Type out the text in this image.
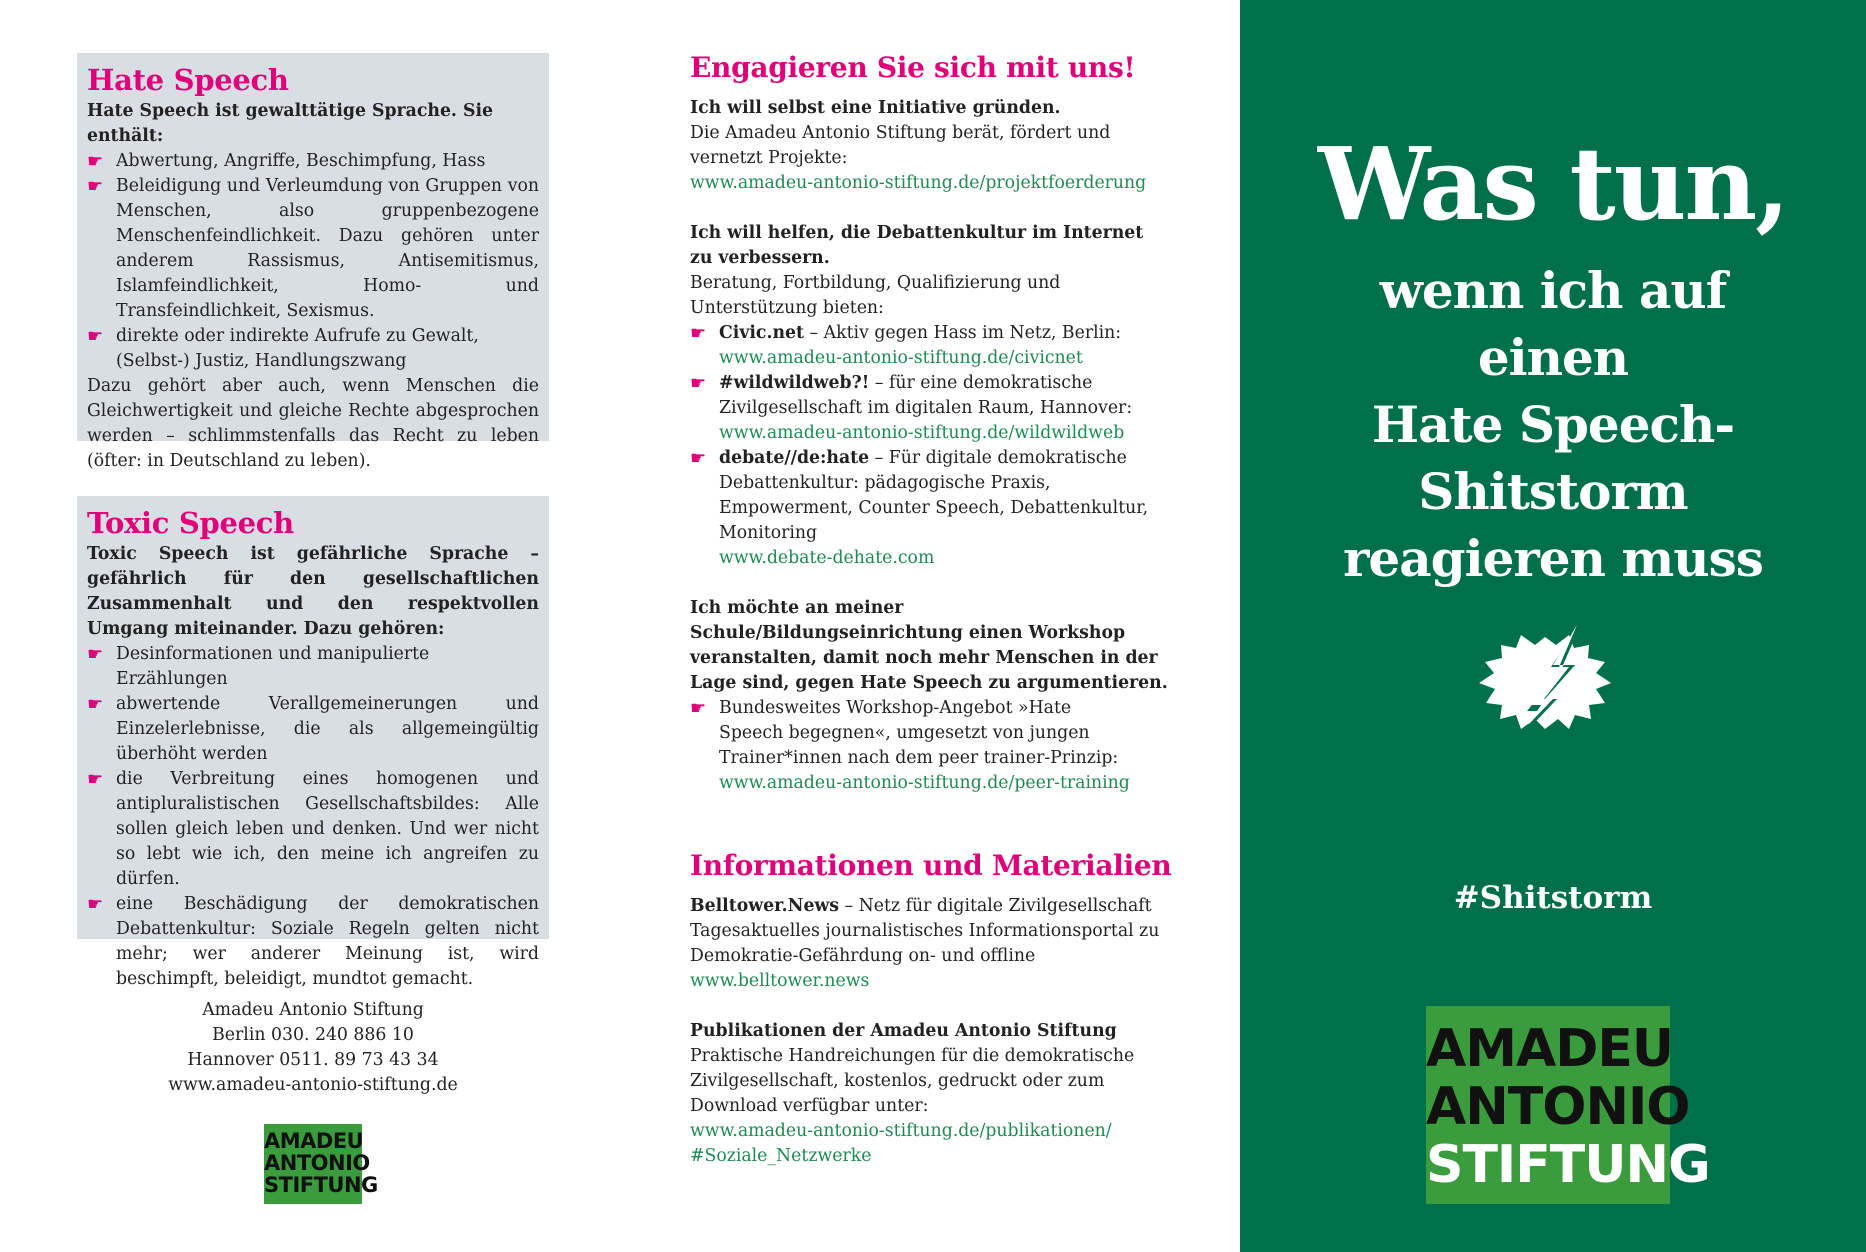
Hate Speech
Hate Speech ist gewalttätige Sprache. Sie enthält:
☛ Abwertung, Angriffe, Beschimpfung, Hass
☛ Beleidigung und Verleumdung von Gruppen von Menschen, also gruppenbezogene Menschenfeindlichkeit. Dazu gehören unter anderem Rassismus, Antisemitismus, Islamfeindlichkeit, Homo- und Transfeindlichkeit, Sexismus.
☛ direkte oder indirekte Aufrufe zu Gewalt, (Selbst-) Justiz, Handlungszwang
Dazu gehört aber auch, wenn Menschen die Gleichwertigkeit und gleiche Rechte abgesprochen werden – schlimmstenfalls das Recht zu leben (öfter: in Deutschland zu leben).
Toxic Speech
Toxic Speech ist gefährliche Sprache – gefährlich für den gesellschaftlichen Zusammenhalt und den respektvollen Umgang miteinander. Dazu gehören:
☛ Desinformationen und manipulierte Erzählungen
☛ abwertende Verallgemeinerungen und Einzelerlebnisse, die als allgemeingültig überhöht werden
☛ die Verbreitung eines homogenen und antipluralistischen Gesellschaftsbildes: Alle sollen gleich leben und denken. Und wer nicht so lebt wie ich, den meine ich angreifen zu dürfen.
☛ eine Beschädigung der demokratischen Debattenkultur: Soziale Regeln gelten nicht mehr; wer anderer Meinung ist, wird beschimpft, beleidigt, mundtot gemacht.
Amadeu Antonio Stiftung
Berlin 030. 240 886 10
Hannover 0511. 89 73 43 34
www.amadeu-antonio-stiftung.de
AMADEU
ANTONIO
STIFTUNG
Engagieren Sie sich mit uns!
Ich will selbst eine Initiative gründen.
Die Amadeu Antonio Stiftung berät, fördert und vernetzt Projekte:
www.amadeu-antonio-stiftung.de/projektfoerderung
Ich will helfen, die Debattenkultur im Internet zu verbessern.
Beratung, Fortbildung, Qualifizierung und Unterstützung bieten:
☛ Civic.net – Aktiv gegen Hass im Netz, Berlin:
www.amadeu-antonio-stiftung.de/civicnet
☛ #wildwildweb?! – für eine demokratische Zivilgesellschaft im digitalen Raum, Hannover:
www.amadeu-antonio-stiftung.de/wildwildweb
☛ debate//de:hate – Für digitale demokratische Debattenkultur: pädagogische Praxis, Empowerment, Counter Speech, Debattenkultur, Monitoring
www.debate-dehate.com
Ich möchte an meiner Schule/Bildungseinrichtung einen Workshop veranstalten, damit noch mehr Menschen in der Lage sind, gegen Hate Speech zu argumentieren.
☛ Bundesweites Workshop-Angebot »Hate Speech begegnen«, umgesetzt von jungen Trainer*innen nach dem peer trainer-Prinzip:
www.amadeu-antonio-stiftung.de/peer-training
Informationen und Materialien
Belltower.News – Netz für digitale Zivilgesellschaft
Tagesaktuelles journalistisches Informationsportal zu Demokratie-Gefährdung on- und offline
www.belltower.news
Publikationen der Amadeu Antonio Stiftung
Praktische Handreichungen für die demokratische Zivilgesellschaft, kostenlos, gedruckt oder zum Download verfügbar unter:
www.amadeu-antonio-stiftung.de/publikationen/
#Soziale_Netzwerke
Was tun,
wenn ich auf
einen
Hate Speech-
Shitstorm
reagieren muss
#Shitstorm
AMADEU
ANTONIO
STIFTUNG
